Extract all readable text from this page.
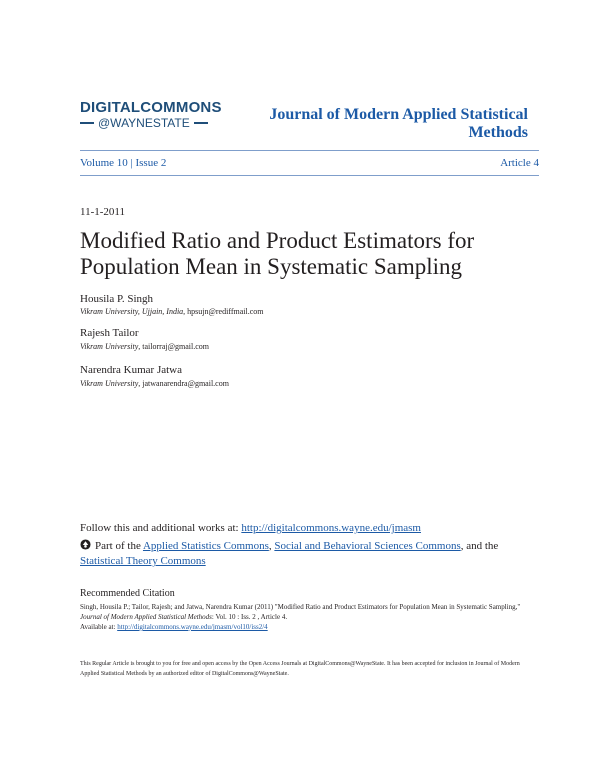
DIGITALCOMMONS
@WAYNESTATE	Journal of Modern Applied Statistical Methods
Volume 10 | Issue 2	Article 4
11-1-2011
Modified Ratio and Product Estimators for Population Mean in Systematic Sampling
Housila P. Singh
Vikram University, Ujjain, India, hpsujn@rediffmail.com
Rajesh Tailor
Vikram University, tailorraj@gmail.com
Narendra Kumar Jatwa
Vikram University, jatwanarendra@gmail.com
Follow this and additional works at: http://digitalcommons.wayne.edu/jmasm
Part of the Applied Statistics Commons, Social and Behavioral Sciences Commons, and the
Statistical Theory Commons
Recommended Citation
Singh, Housila P.; Tailor, Rajesh; and Jatwa, Narendra Kumar (2011) "Modified Ratio and Product Estimators for Population Mean in Systematic Sampling," Journal of Modern Applied Statistical Methods: Vol. 10 : Iss. 2 , Article 4.
Available at: http://digitalcommons.wayne.edu/jmasm/vol10/iss2/4
This Regular Article is brought to you for free and open access by the Open Access Journals at DigitalCommons@WayneState. It has been accepted for inclusion in Journal of Modern Applied Statistical Methods by an authorized editor of DigitalCommons@WayneState.
